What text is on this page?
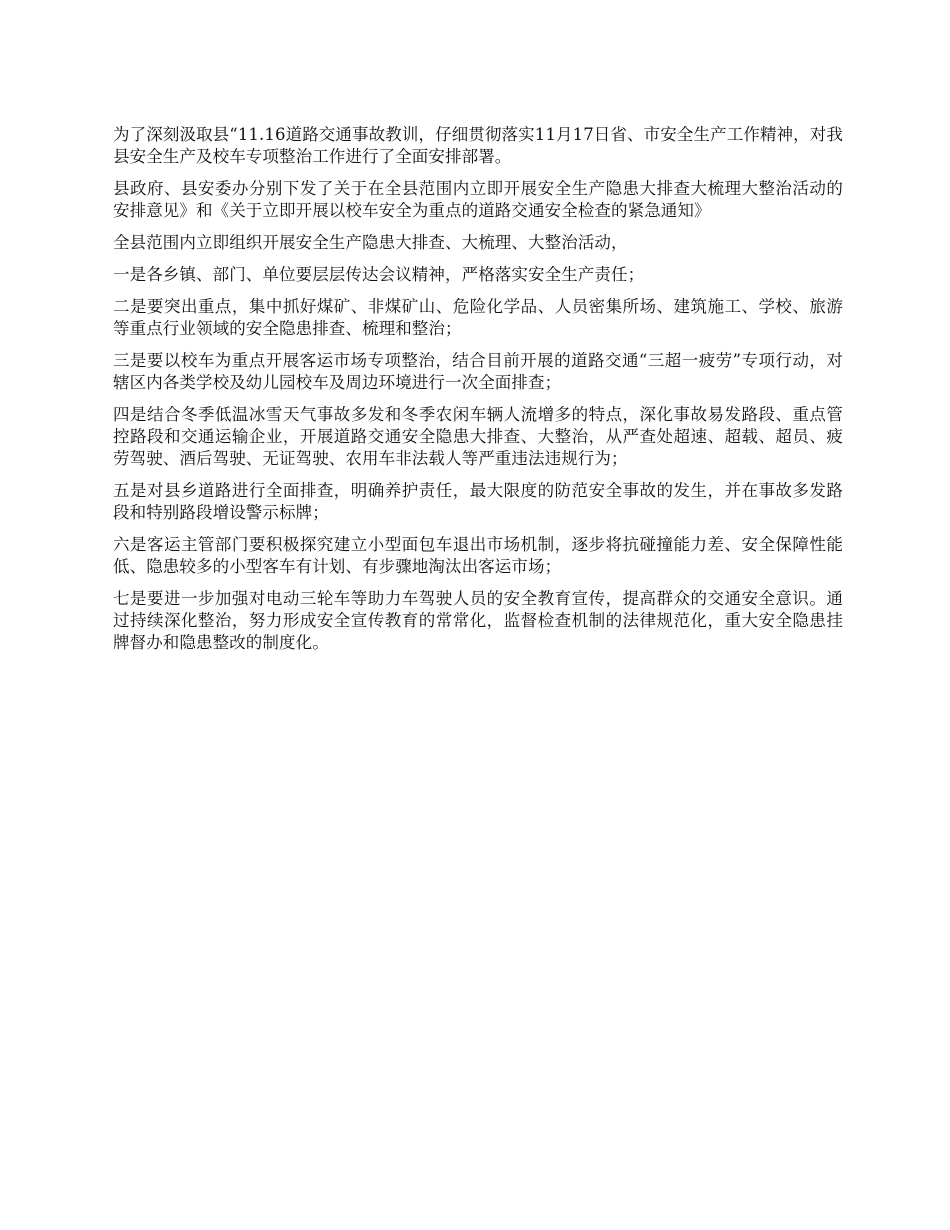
为了深刻汲取县“11.16道路交通事故教训，仔细贯彻落实11月17日省、市安全生产工作精神，对我县安全生产及校车专项整治工作进行了全面安排部署。

县政府、县安委办分别下发了关于在全县范围内立即开展安全生产隐患大排查大梳理大整治活动的安排意见》和《关于立即开展以校车安全为重点的道路交通安全检查的紧急通知》

全县范围内立即组织开展安全生产隐患大排查、大梳理、大整治活动，

一是各乡镇、部门、单位要层层传达会议精神，严格落实安全生产责任；

二是要突出重点，集中抓好煤矿、非煤矿山、危险化学品、人员密集所场、建筑施工、学校、旅游等重点行业领域的安全隐患排查、梳理和整治；

三是要以校车为重点开展客运市场专项整治，结合目前开展的道路交通“三超一疲劳”专项行动，对辖区内各类学校及幼儿园校车及周边环境进行一次全面排查；

四是结合冬季低温冰雪天气事故多发和冬季农闲车辆人流增多的特点，深化事故易发路段、重点管控路段和交通运输企业，开展道路交通安全隐患大排查、大整治，从严查处超速、超载、超员、疲劳驾驶、酒后驾驶、无证驾驶、农用车非法载人等严重违法违规行为；

五是对县乡道路进行全面排查，明确养护责任，最大限度的防范安全事故的发生，并在事故多发路段和特别路段增设警示标牌；

六是客运主管部门要积极探究建立小型面包车退出市场机制，逐步将抗碰撞能力差、安全保障性能低、隐患较多的小型客车有计划、有步骤地淘汰出客运市场；

七是要进一步加强对电动三轮车等助力车驾驶人员的安全教育宣传，提高群众的交通安全意识。通过持续深化整治，努力形成安全宣传教育的常常化，监督检查机制的法律规范化，重大安全隐患挂牌督办和隐患整改的制度化。
